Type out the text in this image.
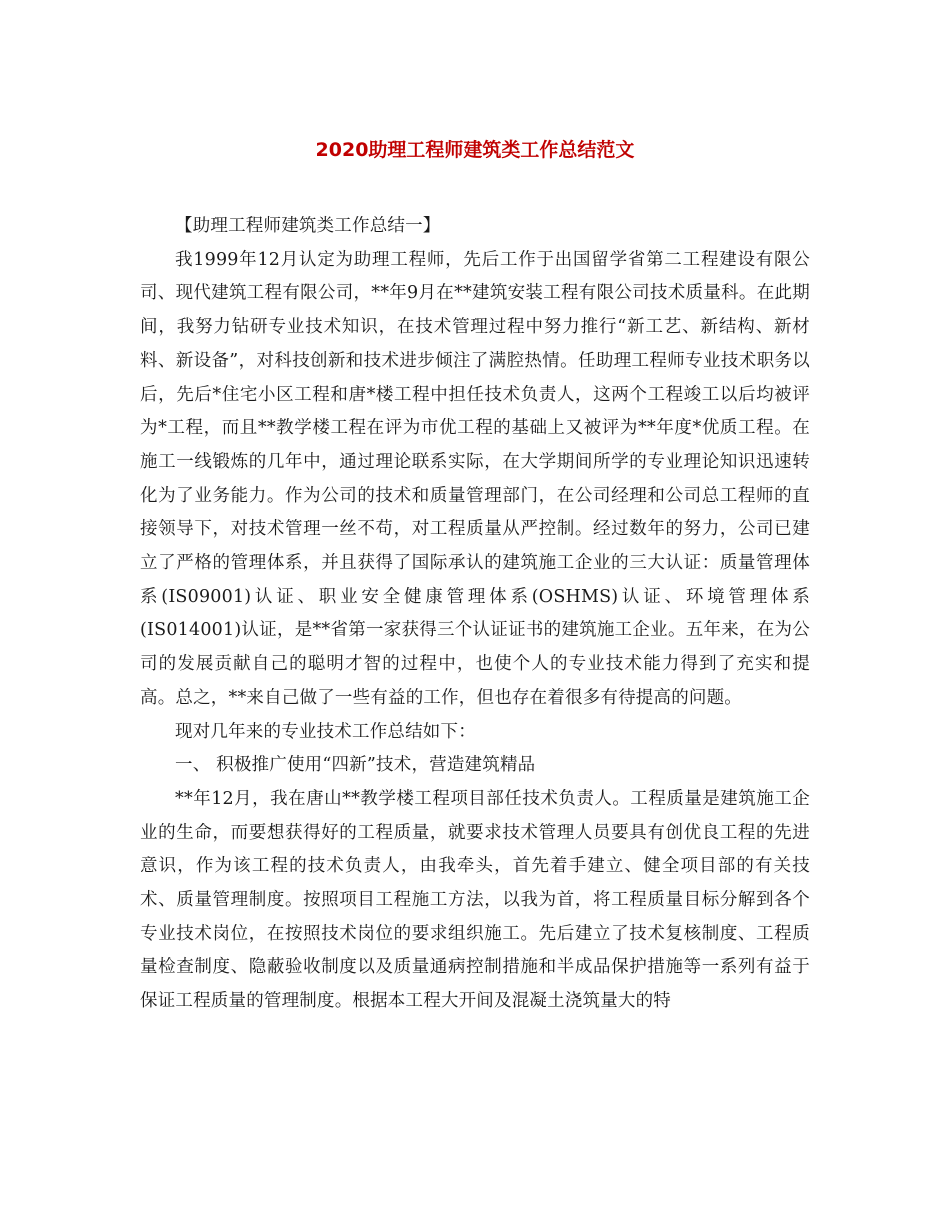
2020助理工程师建筑类工作总结范文

【助理工程师建筑类工作总结一】

我1999年12月认定为助理工程师，先后工作于出国留学省第二工程建设有限公司、现代建筑工程有限公司，**年9月在**建筑安装工程有限公司技术质量科。在此期间，我努力钻研专业技术知识，在技术管理过程中努力推行“新工艺、新结构、新材料、新设备”，对科技创新和技术进步倾注了满腔热情。任助理工程师专业技术职务以后，先后*住宅小区工程和唐*楼工程中担任技术负责人，这两个工程竣工以后均被评为*工程，而且**教学楼工程在评为市优工程的基础上又被评为**年度*优质工程。在施工一线锻炼的几年中，通过理论联系实际，在大学期间所学的专业理论知识迅速转化为了业务能力。作为公司的技术和质量管理部门，在公司经理和公司总工程师的直接领导下，对技术管理一丝不苟，对工程质量从严控制。经过数年的努力，公司已建立了严格的管理体系，并且获得了国际承认的建筑施工企业的三大认证：质量管理体系(IS09001)认证、职业安全健康管理体系(OSHMS)认证、环境管理体系(IS014001)认证，是**省第一家获得三个认证证书的建筑施工企业。五年来，在为公司的发展贡献自己的聪明才智的过程中，也使个人的专业技术能力得到了充实和提高。总之，**来自己做了一些有益的工作，但也存在着很多有待提高的问题。

现对几年来的专业技术工作总结如下：

一、 积极推广使用“四新”技术，营造建筑精品

**年12月，我在唐山**教学楼工程项目部任技术负责人。工程质量是建筑施工企业的生命，而要想获得好的工程质量，就要求技术管理人员要具有创优良工程的先进意识，作为该工程的技术负责人，由我牵头，首先着手建立、健全项目部的有关技术、质量管理制度。按照项目工程施工方法，以我为首，将工程质量目标分解到各个专业技术岗位，在按照技术岗位的要求组织施工。先后建立了技术复核制度、工程质量检查制度、隐蔽验收制度以及质量通病控制措施和半成品保护措施等一系列有益于保证工程质量的管理制度。根据本工程大开间及混凝土浇筑量大的特
